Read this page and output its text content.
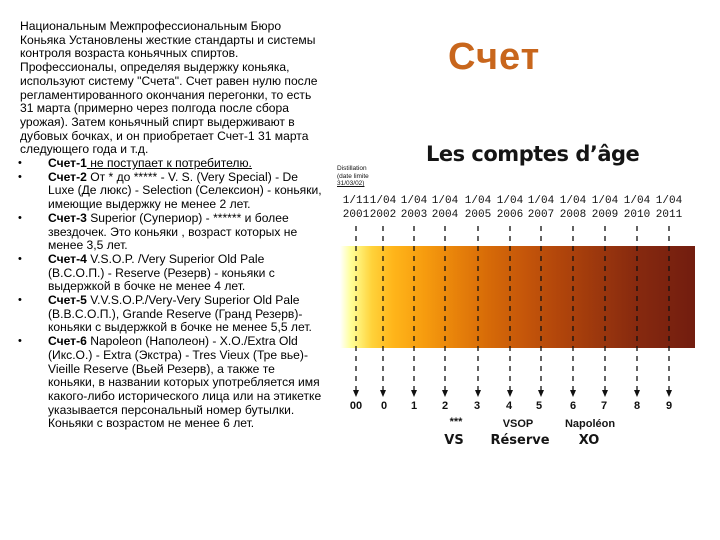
Национальным Межпрофессиональным Бюро Коньяка Установлены жесткие стандарты и системы контроля возраста коньячных спиртов. Профессионалы, определяя выдержку коньяка, используют систему "Счета". Счет равен нулю после регламентированного окончания перегонки, то есть 31 марта (примерно через полгода после сбора урожая). Затем коньячный спирт выдерживают в дубовых бочках, и он приобретает Счет-1 31 марта следующего года и т.д.
• Счет-1 не поступает к потребителю.
• Счет-2 От * до ***** - V. S. (Very Special) - De Luxe (Де люкс) - Selection (Селекcион) - коньяки, имеющие выдержку не менее 2 лет.
• Счет-3 Superior (Супериор) - ****** и более звездочек. Это коньяки , возраст которых не менее 3,5 лет.
• Счет-4 V.S.O.P. /Very Superior Old Pale (В.С.О.П.) - Reserve (Резерв) - коньяки с выдержкой в бочке не менее 4 лет.
• Счет-5 V.V.S.O.P./Very-Very Superior Old Pale (В.В.С.О.П.), Grande Reserve (Гранд Резерв)- коньяки с выдержкой в бочке не менее 5,5 лет.
• Счет-6 Napoleon (Наполеон) - X.O./Extra Old (Икс.О.) - Extra (Экстра) - Tres Vieux (Тре вье)- Vieille Reserve (Вьей Резерв), а также те коньяки, в названии которых употребляется имя какого-либо исторического лица или на этикетке указывается персональный номер бутылки. Коньяки с возрастом не менее 6 лет.
Счет
Les comptes d’âge
Distillation
(date limite
31/03/02)
1/11
2001
1/04
2002
1/04
2003
1/04
2004
1/04
2005
1/04
2006
1/04
2007
1/04
2008
1/04
2009
1/04
2010
1/04
2011
00	0	1	2	3	4	5	6	7	8	9
***
VS
VSOP
Réserve
Napoléon
XO
